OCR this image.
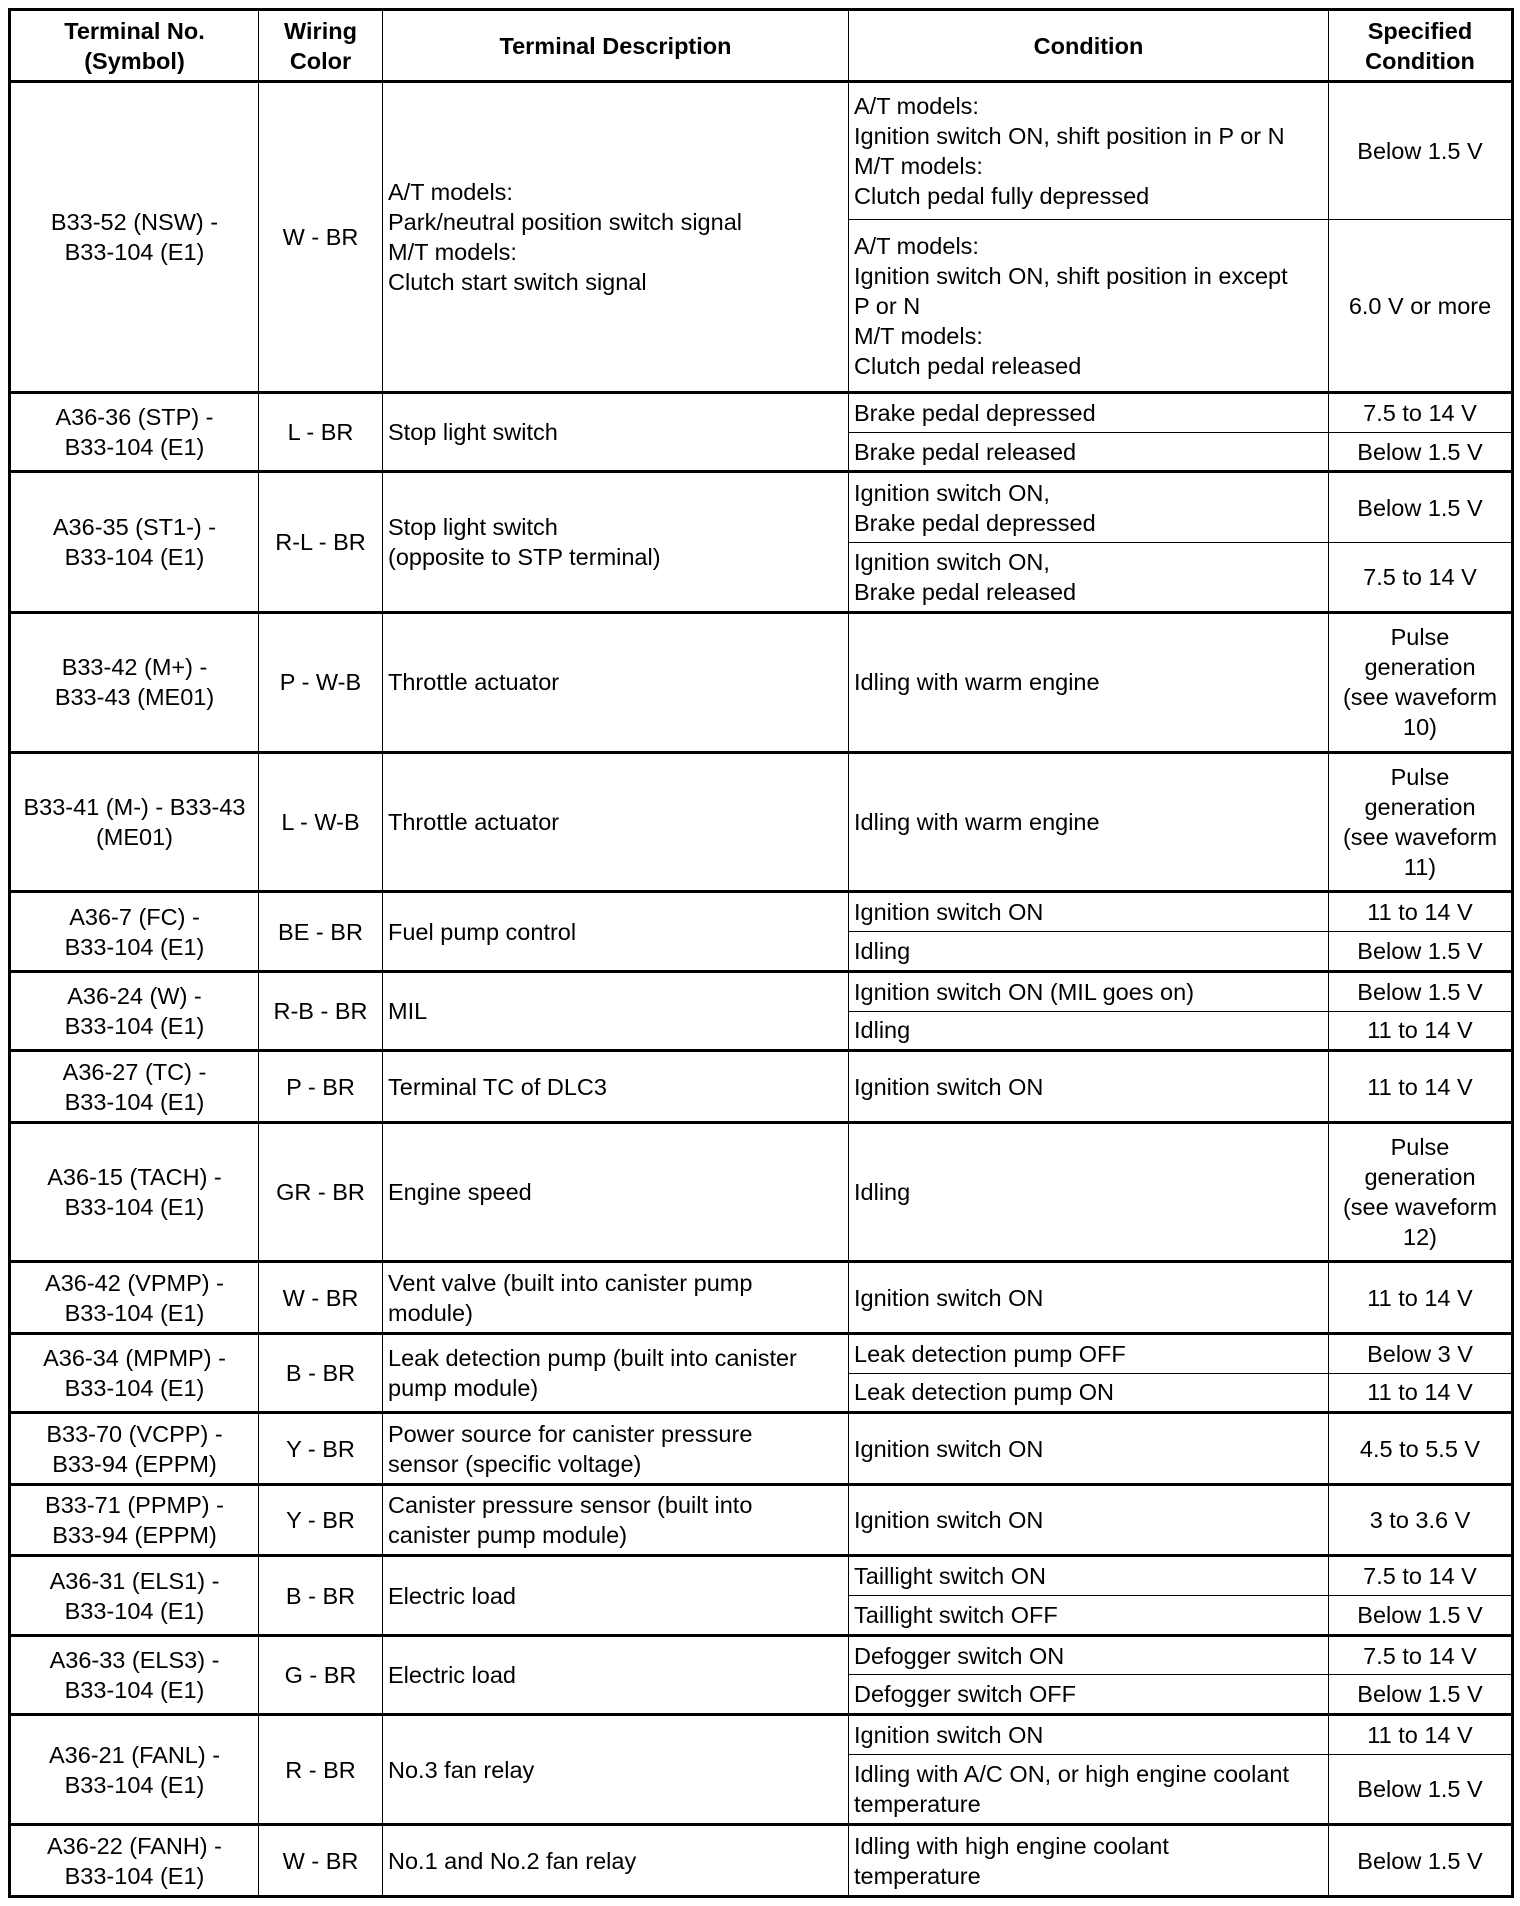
Terminal No.
(Symbol)	Wiring
Color	Terminal Description	Condition	Specified
Condition

B33-52 (NSW) -
B33-104 (E1)	W - BR	A/T models:
Park/neutral position switch signal
M/T models:
Clutch start switch signal	A/T models:
Ignition switch ON, shift position in P or N
M/T models:
Clutch pedal fully depressed	Below 1.5 V

			A/T models:
Ignition switch ON, shift position in except
P or N
M/T models:
Clutch pedal released	6.0 V or more

A36-36 (STP) -
B33-104 (E1)	L - BR	Stop light switch	Brake pedal depressed	7.5 to 14 V

			Brake pedal released	Below 1.5 V

A36-35 (ST1-) -
B33-104 (E1)	R-L - BR	Stop light switch
(opposite to STP terminal)	Ignition switch ON,
Brake pedal depressed	Below 1.5 V

			Ignition switch ON,
Brake pedal released	7.5 to 14 V

B33-42 (M+) -
B33-43 (ME01)	P - W-B	Throttle actuator	Idling with warm engine	Pulse
generation
(see waveform
10)

B33-41 (M-) - B33-43
(ME01)	L - W-B	Throttle actuator	Idling with warm engine	Pulse
generation
(see waveform
11)

A36-7 (FC) -
B33-104 (E1)	BE - BR	Fuel pump control	Ignition switch ON	11 to 14 V

			Idling	Below 1.5 V

A36-24 (W) -
B33-104 (E1)	R-B - BR	MIL	Ignition switch ON (MIL goes on)	Below 1.5 V

			Idling	11 to 14 V

A36-27 (TC) -
B33-104 (E1)	P - BR	Terminal TC of DLC3	Ignition switch ON	11 to 14 V

A36-15 (TACH) -
B33-104 (E1)	GR - BR	Engine speed	Idling	Pulse
generation
(see waveform
12)

A36-42 (VPMP) -
B33-104 (E1)	W - BR	Vent valve (built into canister pump
module)	Ignition switch ON	11 to 14 V

A36-34 (MPMP) -
B33-104 (E1)	B - BR	Leak detection pump (built into canister
pump module)	Leak detection pump OFF	Below 3 V

			Leak detection pump ON	11 to 14 V

B33-70 (VCPP) -
B33-94 (EPPM)	Y - BR	Power source for canister pressure
sensor (specific voltage)	Ignition switch ON	4.5 to 5.5 V

B33-71 (PPMP) -
B33-94 (EPPM)	Y - BR	Canister pressure sensor (built into
canister pump module)	Ignition switch ON	3 to 3.6 V

A36-31 (ELS1) -
B33-104 (E1)	B - BR	Electric load	Taillight switch ON	7.5 to 14 V

			Taillight switch OFF	Below 1.5 V

A36-33 (ELS3) -
B33-104 (E1)	G - BR	Electric load	Defogger switch ON	7.5 to 14 V

			Defogger switch OFF	Below 1.5 V

A36-21 (FANL) -
B33-104 (E1)	R - BR	No.3 fan relay	Ignition switch ON	11 to 14 V

			Idling with A/C ON, or high engine coolant
temperature	Below 1.5 V

A36-22 (FANH) -
B33-104 (E1)	W - BR	No.1 and No.2 fan relay	Idling with high engine coolant
temperature	Below 1.5 V
